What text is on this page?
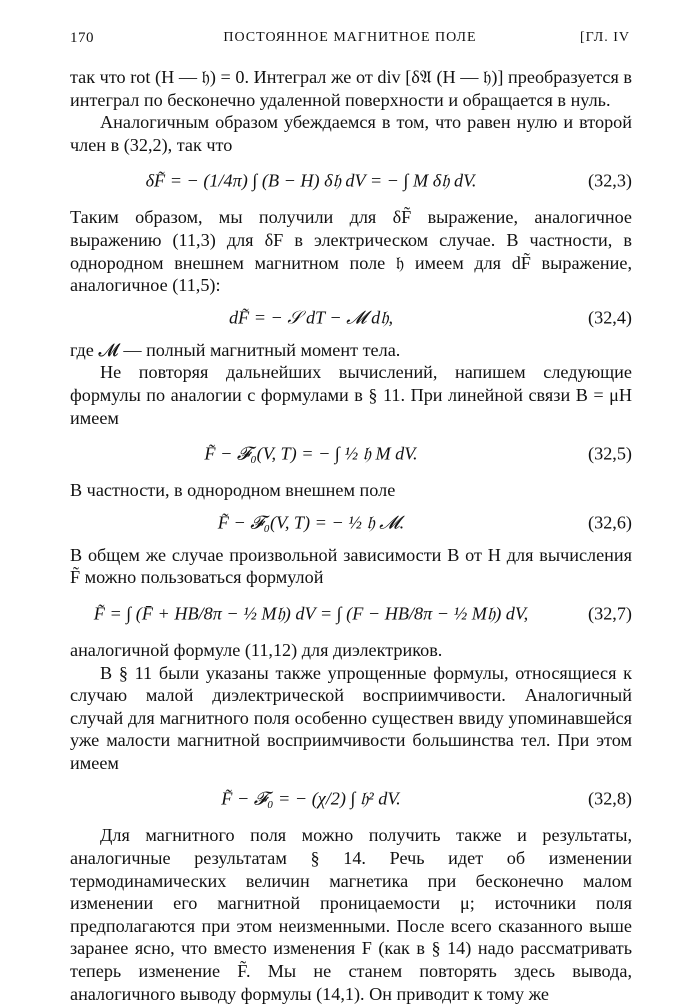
170	ПОСТОЯННОЕ МАГНИТНОЕ ПОЛЕ	[ГЛ. IV

так что rot (H — 𝔥) = 0. Интеграл же от div [δ𝔄 (H — 𝔥)] преобразуется в интеграл по бесконечно удаленной поверхности и обращается в нуль.

Аналогичным образом убеждаемся в том, что равен нулю и второй член в (32,2), так что

δF̃ = − (1/4π) ∫ (B − H) δ𝔥 dV = − ∫ M δ𝔥 dV.	(32,3)

Таким образом, мы получили для δF̃ выражение, аналогичное выражению (11,3) для δF в электрическом случае. В частности, в однородном внешнем магнитном поле 𝔥 имеем для dF̃ выражение, аналогичное (11,5):

dF̃ = − 𝒮 dT − 𝓜 d𝔥,	(32,4)

где 𝓜 — полный магнитный момент тела.

Не повторяя дальнейших вычислений, напишем следующие формулы по аналогии с формулами в § 11. При линейной связи B = μH имеем

F̃ − 𝓕₀(V, T) = − ∫ ½ 𝔥 M dV.	(32,5)

В частности, в однородном внешнем поле

F̃ − 𝓕₀(V, T) = − ½ 𝔥 𝓜.	(32,6)

В общем же случае произвольной зависимости B от H для вычисления F̃ можно пользоваться формулой

F̃ = ∫ (F̄ + HB/8π − ½ M𝔥) dV = ∫ (F − HB/8π − ½ M𝔥) dV,	(32,7)

аналогичной формуле (11,12) для диэлектриков.

В § 11 были указаны также упрощенные формулы, относящиеся к случаю малой диэлектрической восприимчивости. Аналогичный случай для магнитного поля особенно существен ввиду упоминавшейся уже малости магнитной восприимчивости большинства тел. При этом имеем

F̃ − 𝓕₀ = − (χ/2) ∫ 𝔥² dV.	(32,8)

Для магнитного поля можно получить также и результаты, аналогичные результатам § 14. Речь идет об изменении термодинамических величин магнетика при бесконечно малом изменении его магнитной проницаемости μ; источники поля предполагаются при этом неизменными. После всего сказанного выше заранее ясно, что вместо изменения F (как в § 14) надо рассматривать теперь изменение F̃. Мы не станем повторять здесь вывода, аналогичного выводу формулы (14,1). Он приводит к тому же
